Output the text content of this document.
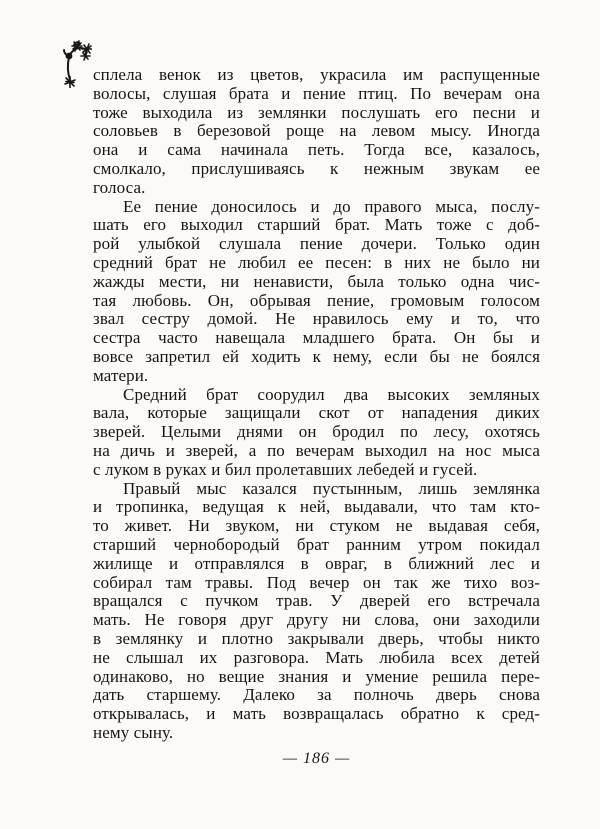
сплела венок из цветов, украсила им распущенные
волосы, слушая брата и пение птиц. По вечерам она
тоже выходила из землянки послушать его песни и
соловьев в березовой роще на левом мысу. Иногда
она и сама начинала петь. Тогда все, казалось,
смолкало, прислушиваясь к нежным звукам ее
голоса.
Ее пение доносилось и до правого мыса, послу-
шать его выходил старший брат. Мать тоже с доб-
рой улыбкой слушала пение дочери. Только один
средний брат не любил ее песен: в них не было ни
жажды мести, ни ненависти, была только одна чис-
тая любовь. Он, обрывая пение, громовым голосом
звал сестру домой. Не нравилось ему и то, что
сестра часто навещала младшего брата. Он бы и
вовсе запретил ей ходить к нему, если бы не боялся
матери.
Средний брат соорудил два высоких земляных
вала, которые защищали скот от нападения диких
зверей. Целыми днями он бродил по лесу, охотясь
на дичь и зверей, а по вечерам выходил на нос мыса
с луком в руках и бил пролетавших лебедей и гусей.
Правый мыс казался пустынным, лишь землянка
и тропинка, ведущая к ней, выдавали, что там кто-
то живет. Ни звуком, ни стуком не выдавая себя,
старший чернобородый брат ранним утром покидал
жилище и отправлялся в овраг, в ближний лес и
собирал там травы. Под вечер он так же тихо воз-
вращался с пучком трав. У дверей его встречала
мать. Не говоря друг другу ни слова, они заходили
в землянку и плотно закрывали дверь, чтобы никто
не слышал их разговора. Мать любила всех детей
одинаково, но вещие знания и умение решила пере-
дать старшему. Далеко за полночь дверь снова
открывалась, и мать возвращалась обратно к сред-
нему сыну.
— 186 —
